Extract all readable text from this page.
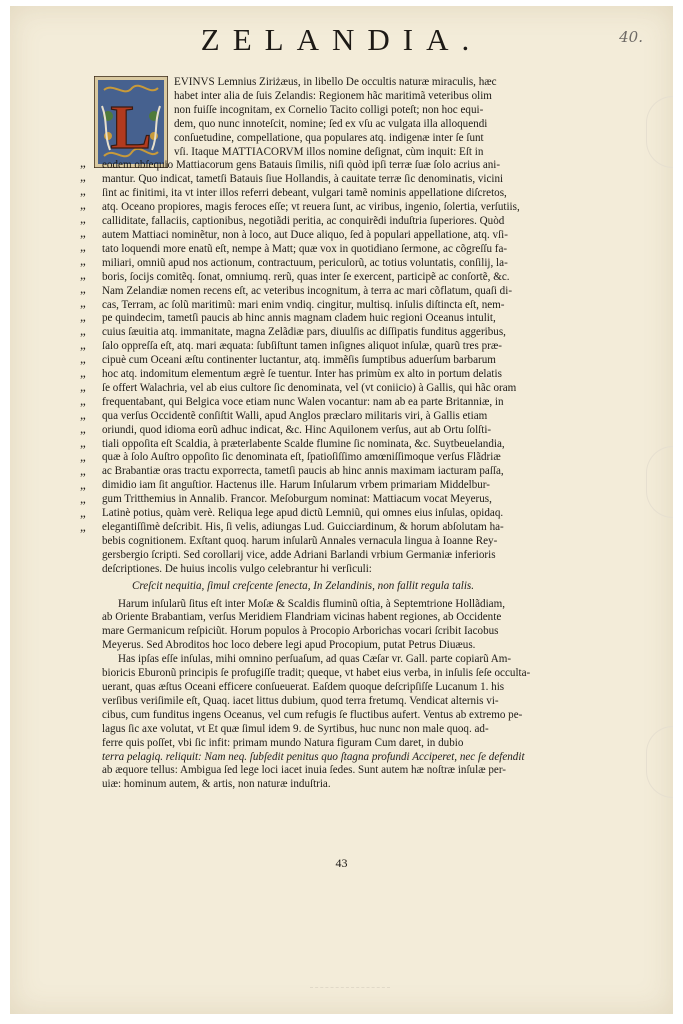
40.
ZELANDIA.
L
„
„
„
„
„
„
„
„
„
„
„
„
„
„
„
„
„
„
„
„
„
„
„
„
„
„
„
EVINVS Lemnius Ziriżæus, in libello De occultis naturæ miraculis, hæc
habet inter alia de ſuis Zelandis: Regionem hãc maritimã veteribus olim
non fuiſſe incognitam, ex Cornelio Tacito colligi poteſt; non hoc equi-
dem, quo nunc innoteſcit, nomine; ſed ex vſu ac vulgata illa alloquendi
conſuetudine, compellatione, qua populares atq. indigenæ inter ſe ſunt
vſi. Itaque MATTIACORVM illos nomine deſignat, cùm inquit: Eſt in
eodem obſequio Mattiacorum gens Batauis ſimilis, niſi quòd ipſi terræ ſuæ ſolo acrius ani-
mantur. Quo indicat, tametſi Batauis ſiue Hollandis, à cauitate terræ ſic denominatis, vicini
ſint ac finitimi, ita vt inter illos referri debeant, vulgari tamẽ nominis appellatione diſcretos,
atq. Oceano propiores, magis feroces eſſe; vt reuera ſunt, ac viribus, ingenio, ſolertia, verſutiis,
calliditate, fallaciis, captionibus, negotiãdi peritia, ac conquirẽdi induſtria ſuperiores. Quòd
autem Mattiaci nominẽtur, non à loco, aut Duce aliquo, ſed à populari appellatione, atq. vſi-
tato loquendi more enatũ eſt, nempe à Matt; quæ vox in quotidiano ſermone, ac cõgreſſu fa-
miliari, omniũ apud nos actionum, contractuum, periculorũ, ac totius voluntatis, conſilij, la-
boris, ſocijs comitẽq. ſonat, omniumq. rerũ, quas inter ſe exercent, participẽ ac conſortẽ, &c.
Nam Zelandiæ nomen recens eſt, ac veteribus incognitum, à terra ac mari cõflatum, quaſi di-
cas, Terram, ac ſolũ maritimũ: mari enim vndiq. cingitur, multisq. inſulis diſtincta eſt, nem-
pe quindecim, tametſi paucis ab hinc annis magnam cladem huic regioni Oceanus intulit,
cuius ſæuitia atq. immanitate, magna Zelãdiæ pars, diuulſis ac diſſipatis funditus aggeribus,
ſalo oppreſſa eſt, atq. mari æquata: ſubſiſtunt tamen inſignes aliquot inſulæ, quarũ tres præ-
cipuè cum Oceani æſtu continenter luctantur, atq. immẽſis ſumptibus aduerſum barbarum
hoc atq. indomitum elementum ægrè ſe tuentur. Inter has primùm ex alto in portum delatis
ſe offert Walachria, vel ab eius cultore ſic denominata, vel (vt coniicio) à Gallis, qui hãc oram
frequentabant, qui Belgica voce etiam nunc Walen vocantur: nam ab ea parte Britanniæ, in
qua verſus Occidentẽ conſiſtit Walli, apud Anglos præclaro militaris viri, à Gallis etiam
oriundi, quod idioma eorũ adhuc indicat, &c. Hinc Aquilonem verſus, aut ab Ortu ſolſti-
tiali oppoſita eſt Scaldia, à præterlabente Scalde flumine ſic nominata, &c. Suytbeuelandia,
quæ à ſolo Auſtro oppoſito ſic denominata eſt, ſpatioſiſſimo amœniſſimoque verſus Flãdriæ
ac Brabantiæ oras tractu exporrecta, tametſi paucis ab hinc annis maximam iacturam paſſa,
dimidio iam ſit anguſtior. Hactenus ille. Harum Inſularum vrbem primariam Middelbur-
gum Tritthemius in Annalib. Francor. Meſoburgum nominat: Mattiacum vocat Meyerus,
Latinè potius, quàm verè. Reliqua lege apud dictũ Lemniũ, qui omnes eius inſulas, opidaq.
elegantiſſimè deſcribit. His, ſi velis, adiungas Lud. Guicciardinum, & horum abſolutam ha-
bebis cognitionem. Exſtant quoq. harum inſularũ Annales vernacula lingua à Ioanne Rey-
gersbergio ſcripti. Sed corollarij vice, adde Adriani Barlandi vrbium Germaniæ inferioris
deſcriptiones. De huius incolis vulgo celebrantur hi verſiculi:
Creſcit nequitia, ſimul creſcente ſenecta, In Zelandinis, non fallit regula talis.
Harum inſularũ ſitus eſt inter Moſæ & Scaldis fluminũ oſtia, à Septemtrione Hollãdiam,
ab Oriente Brabantiam, verſus Meridiem Flandriam vicinas habent regiones, ab Occidente
mare Germanicum reſpiciũt. Horum populos à Procopio Arborichas vocari ſcribit Iacobus
Meyerus. Sed Abroditos hoc loco debere legi apud Procopium, putat Petrus Diuæus.
Has ipſas eſſe inſulas, mihi omnino perſuaſum, ad quas Cæſar vr. Gall. parte copiarũ Am-
bioricis Eburonũ principis ſe profugiſſe tradit; queque, vt habet eius verba, in inſulis ſeſe occulta-
uerant, quas æſtus Oceani efficere conſueuerat. Eaſdem quoque deſcripſiſſe Lucanum 1. his
verſibus veriſimile eſt, Quaq. iacet littus dubium, quod terra fretumq. Vendicat alternis vi-
cibus, cum funditus ingens Oceanus, vel cum refugis ſe fluctibus aufert. Ventus ab extremo pe-
lagus ſic axe volutat, vt Et quæ ſimul idem 9. de Syrtibus, huc nunc non male quoq. ad-
ferre quis poſſet, vbi ſic infit: primam mundo Natura figuram Cum daret, in dubio
terra pelagiq. reliquit: Nam neq. ſubſedit penitus quo ſtagna profundi Acciperet, nec ſe defendit
ab æquore tellus: Ambigua ſed lege loci iacet inuia ſedes. Sunt autem hæ noſtræ inſulæ per-
uiæ: hominum autem, & artis, non naturæ induſtria.
43
